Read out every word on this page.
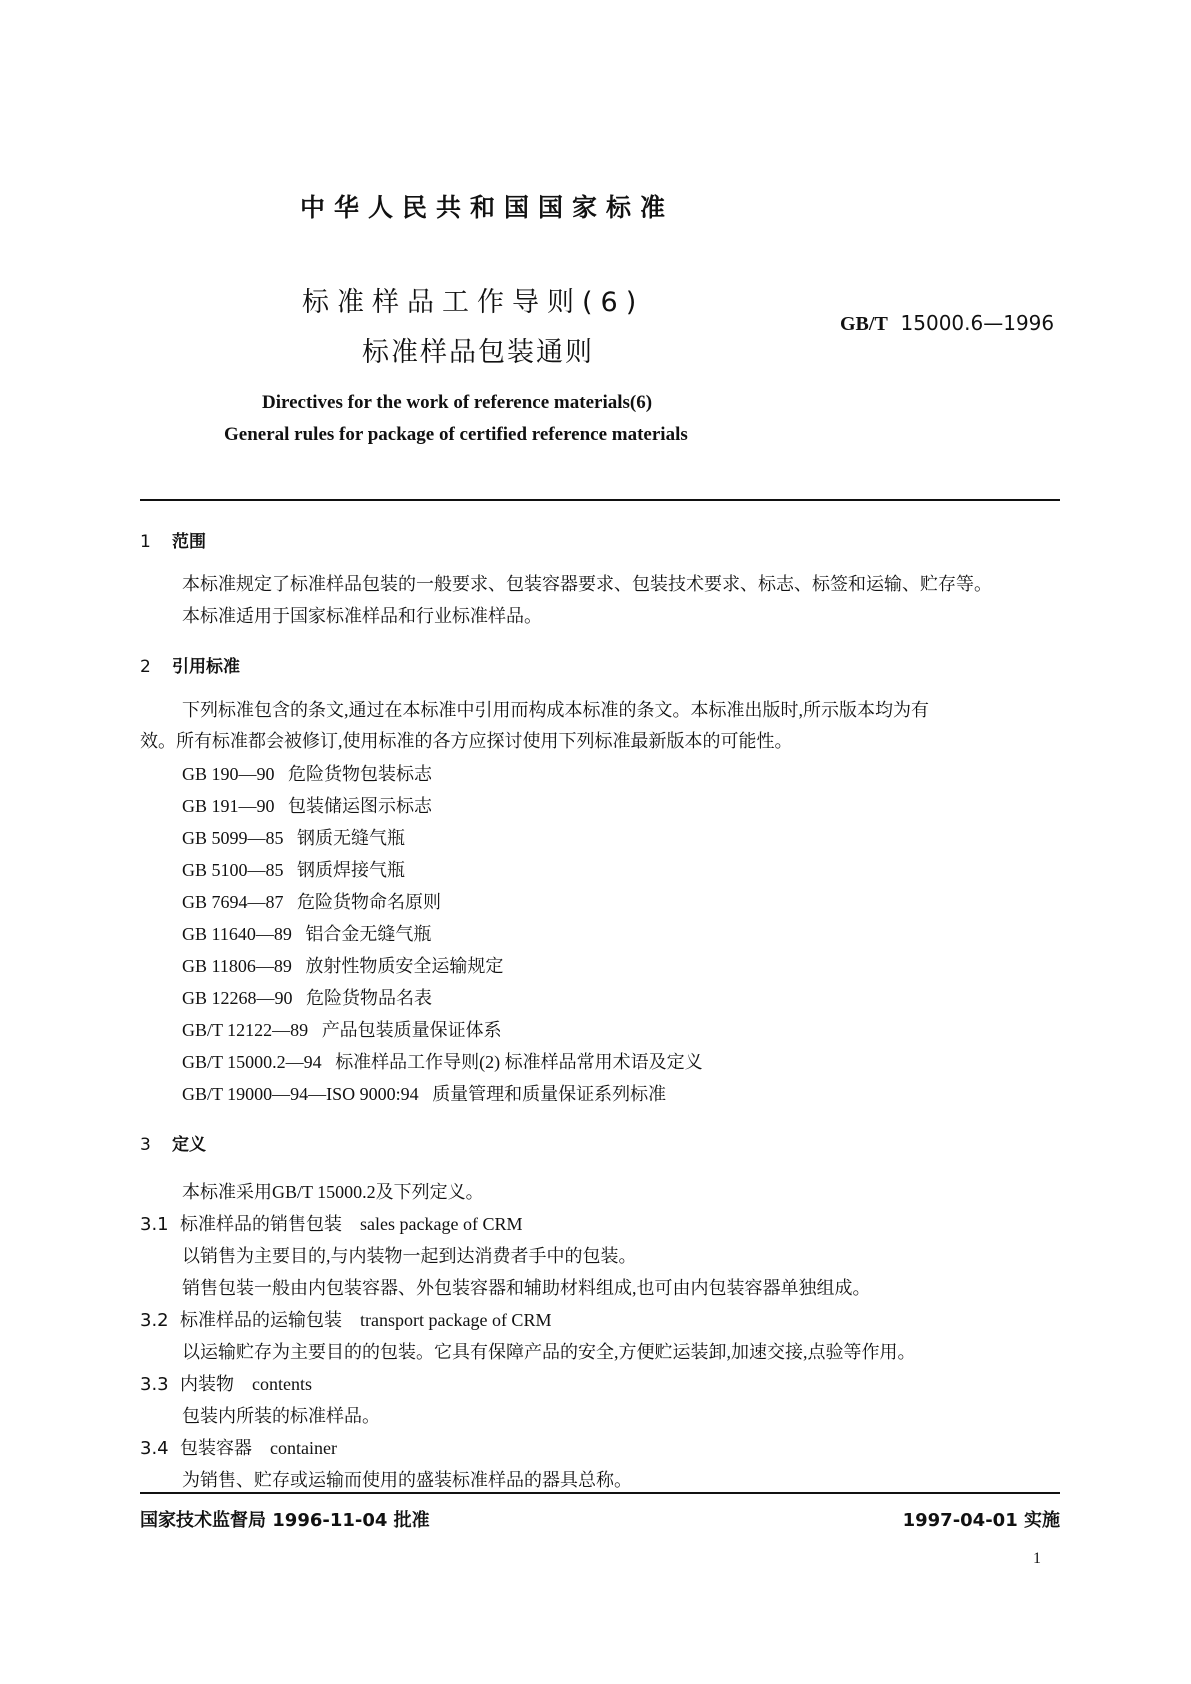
中华人民共和国国家标准
标准样品工作导则(6)
标准样品包装通则
GB/T 15000.6—1996
Directives for the work of reference materials(6)
General rules for package of certified reference materials
1 范围
本标准规定了标准样品包装的一般要求、包装容器要求、包装技术要求、标志、标签和运输、贮存等。
本标准适用于国家标准样品和行业标准样品。
2 引用标准
下列标准包含的条文,通过在本标准中引用而构成本标准的条文。本标准出版时,所示版本均为有
效。所有标准都会被修订,使用标准的各方应探讨使用下列标准最新版本的可能性。
GB 190—90 危险货物包装标志
GB 191—90 包装储运图示标志
GB 5099—85 钢质无缝气瓶
GB 5100—85 钢质焊接气瓶
GB 7694—87 危险货物命名原则
GB 11640—89 铝合金无缝气瓶
GB 11806—89 放射性物质安全运输规定
GB 12268—90 危险货物品名表
GB/T 12122—89 产品包装质量保证体系
GB/T 15000.2—94 标准样品工作导则(2) 标准样品常用术语及定义
GB/T 19000—94—ISO 9000:94 质量管理和质量保证系列标准
3 定义
本标准采用GB/T 15000.2及下列定义。
3.1 标准样品的销售包装 sales package of CRM
以销售为主要目的,与内装物一起到达消费者手中的包装。
销售包装一般由内包装容器、外包装容器和辅助材料组成,也可由内包装容器单独组成。
3.2 标准样品的运输包装 transport package of CRM
以运输贮存为主要目的的包装。它具有保障产品的安全,方便贮运装卸,加速交接,点验等作用。
3.3 内装物 contents
包装内所装的标准样品。
3.4 包装容器 container
为销售、贮存或运输而使用的盛装标准样品的器具总称。
国家技术监督局 1996-11-04 批准	1997-04-01 实施
1
